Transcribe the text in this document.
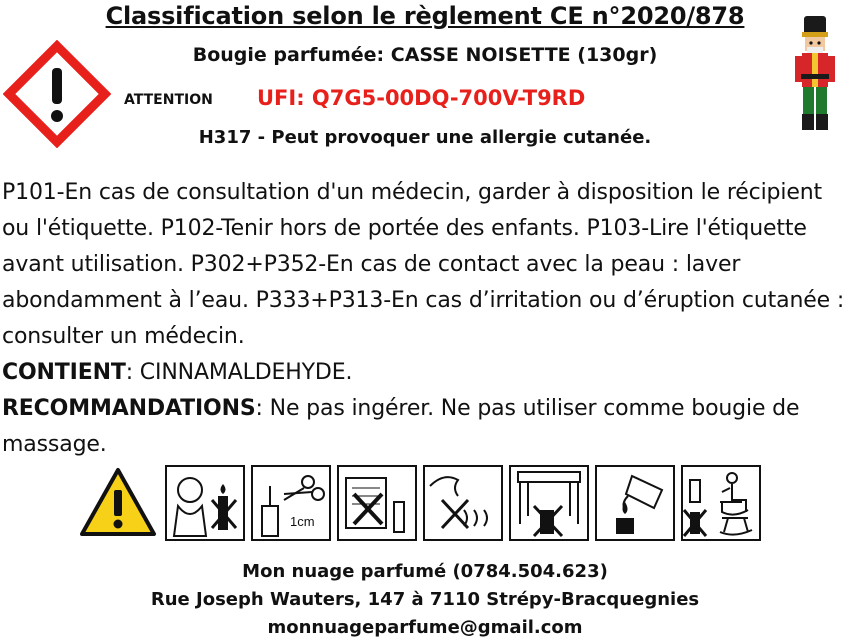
Classification selon le règlement CE n°2020/878
Bougie parfumée: CASSE NOISETTE (130gr)
ATTENTION UFI: Q7G5-00DQ-700V-T9RD
H317 - Peut provoquer une allergie cutanée.

P101-En cas de consultation d'un médecin, garder à disposition le récipient ou l'étiquette. P102-Tenir hors de portée des enfants. P103-Lire l'étiquette avant utilisation. P302+P352-En cas de contact avec la peau : laver abondamment à l’eau. P333+P313-En cas d’irritation ou d’éruption cutanée : consulter un médecin.

CONTIENT: CINNAMALDEHYDE.

RECOMMANDATIONS: Ne pas ingérer. Ne pas utiliser comme bougie de massage.

1cm
Mon nuage parfumé (0784.504.623)
Rue Joseph Wauters, 147 à 7110 Strépy-Bracquegnies
monnuageparfume@gmail.com
